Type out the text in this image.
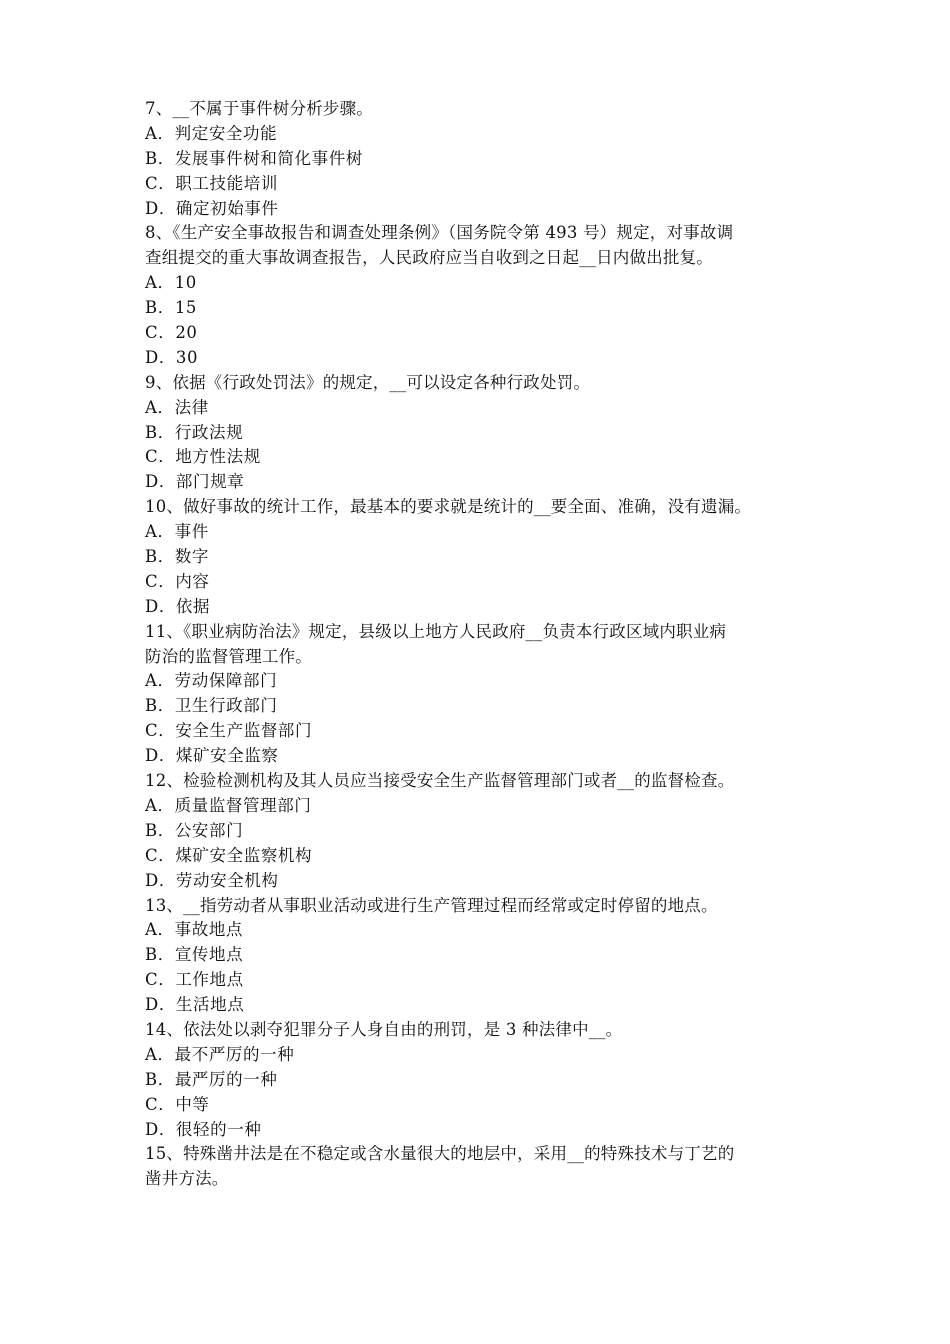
7、__不属于事件树分析步骤。
A．判定安全功能
B．发展事件树和简化事件树
C．职工技能培训
D．确定初始事件
8、《生产安全事故报告和调查处理条例》（国务院令第 493 号）规定，对事故调
查组提交的重大事故调查报告，人民政府应当自收到之日起__日内做出批复。
A．10
B．15
C．20
D．30
9、依据《行政处罚法》的规定，__可以设定各种行政处罚。
A．法律
B．行政法规
C．地方性法规
D．部门规章
10、做好事故的统计工作，最基本的要求就是统计的__要全面、准确，没有遗漏。
A．事件
B．数字
C．内容
D．依据
11、《职业病防治法》规定，县级以上地方人民政府__负责本行政区域内职业病
防治的监督管理工作。
A．劳动保障部门
B．卫生行政部门
C．安全生产监督部门
D．煤矿安全监察
12、检验检测机构及其人员应当接受安全生产监督管理部门或者__的监督检查。
A．质量监督管理部门
B．公安部门
C．煤矿安全监察机构
D．劳动安全机构
13、__指劳动者从事职业活动或进行生产管理过程而经常或定时停留的地点。
A．事故地点
B．宣传地点
C．工作地点
D．生活地点
14、依法处以剥夺犯罪分子人身自由的刑罚，是 3 种法律中__。
A．最不严厉的一种
B．最严厉的一种
C．中等
D．很轻的一种
15、特殊凿井法是在不稳定或含水量很大的地层中，采用__的特殊技术与丁艺的
凿井方法。
